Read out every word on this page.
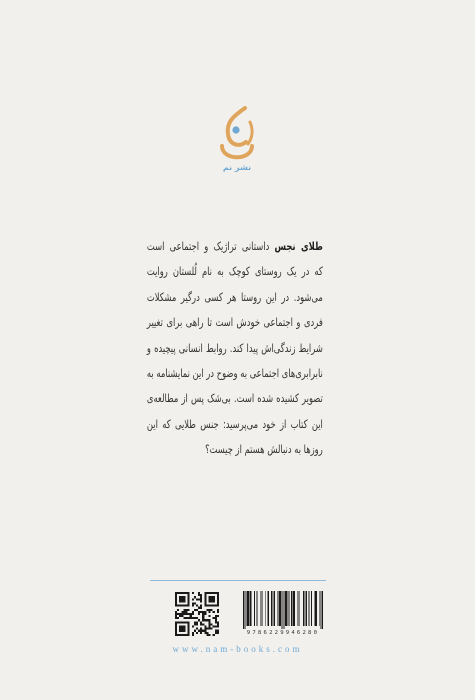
نشر نم
طلای نجس داستانی تراژیک و اجتماعی است
که در یک روستای کوچک به نام لُلستان روایت
می‌شود. در این روستا هر کسی درگیر مشکلات
فردی و اجتماعی خودش است تا راهی برای تغییر
شرایط زندگی‌اش پیدا کند. روابط انسانی پیچیده و
نابرابری‌های اجتماعی به وضوح در این نمایشنامه به
تصویر کشیده شده است. بی‌شک پس از مطالعه‌ی
این کتاب از خود می‌پرسید: جنس طلایی که این
روزها به دنبالش هستم از چیست؟
9786229946280
www.nam-books.com
